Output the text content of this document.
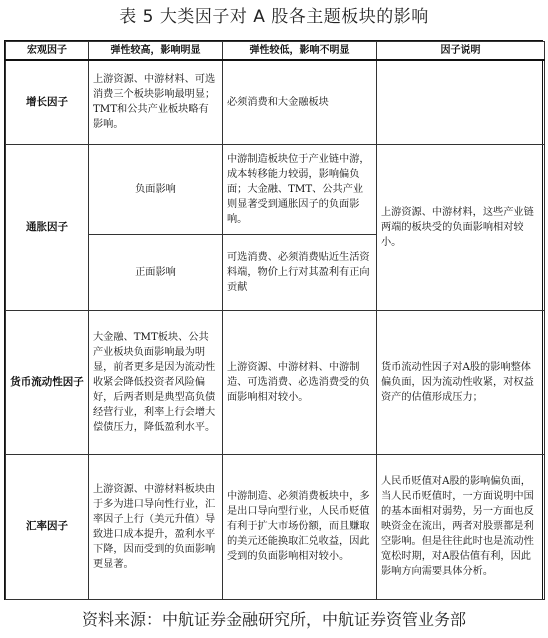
表 5 大类因子对 A 股各主题板块的影响
宏观因子	弹性较高，影响明显	弹性较低，影响不明显	因子说明
增长因子	上游资源、中游材料、可选消费三个板块影响最明显；TMT和公共产业板块略有影响。	必须消费和大金融板块	
通胀因子	负面影响	中游制造板块位于产业链中游，成本转移能力较弱，影响偏负面；大金融、TMT、公共产业则显著受到通胀因子的负面影响。	上游资源、中游材料，这些产业链两端的板块受的负面影响相对较小。
	正面影响	可选消费、必须消费贴近生活资料端，物价上行对其盈利有正向贡献	
货币流动性因子	大金融、TMT板块、公共产业板块负面影响最为明显，前者更多是因为流动性收紧会降低投资者风险偏好，后两者则是典型高负债经营行业，利率上行会增大偿债压力，降低盈利水平。	上游资源、中游材料、中游制造、可选消费、必选消费受的负面影响相对较小。	货币流动性因子对A股的影响整体偏负面，因为流动性收紧，对权益资产的估值形成压力；
汇率因子	上游资源、中游材料板块由于多为进口导向性行业，汇率因子上行（美元升值）导致进口成本提升，盈利水平下降，因而受到的负面影响更显著。	中游制造、必须消费板块中，多是出口导向型行业，人民币贬值有利于扩大市场份额，而且赚取的美元还能换取汇兑收益，因此受到的负面影响相对较小。	人民币贬值对A股的影响偏负面，当人民币贬值时，一方面说明中国的基本面相对弱势，另一方面也反映资金在流出，两者对股票都是利空影响。但是往往此时也是流动性宽松时期，对A股估值有利，因此影响方向需要具体分析。
资料来源：中航证券金融研究所，中航证券资管业务部
